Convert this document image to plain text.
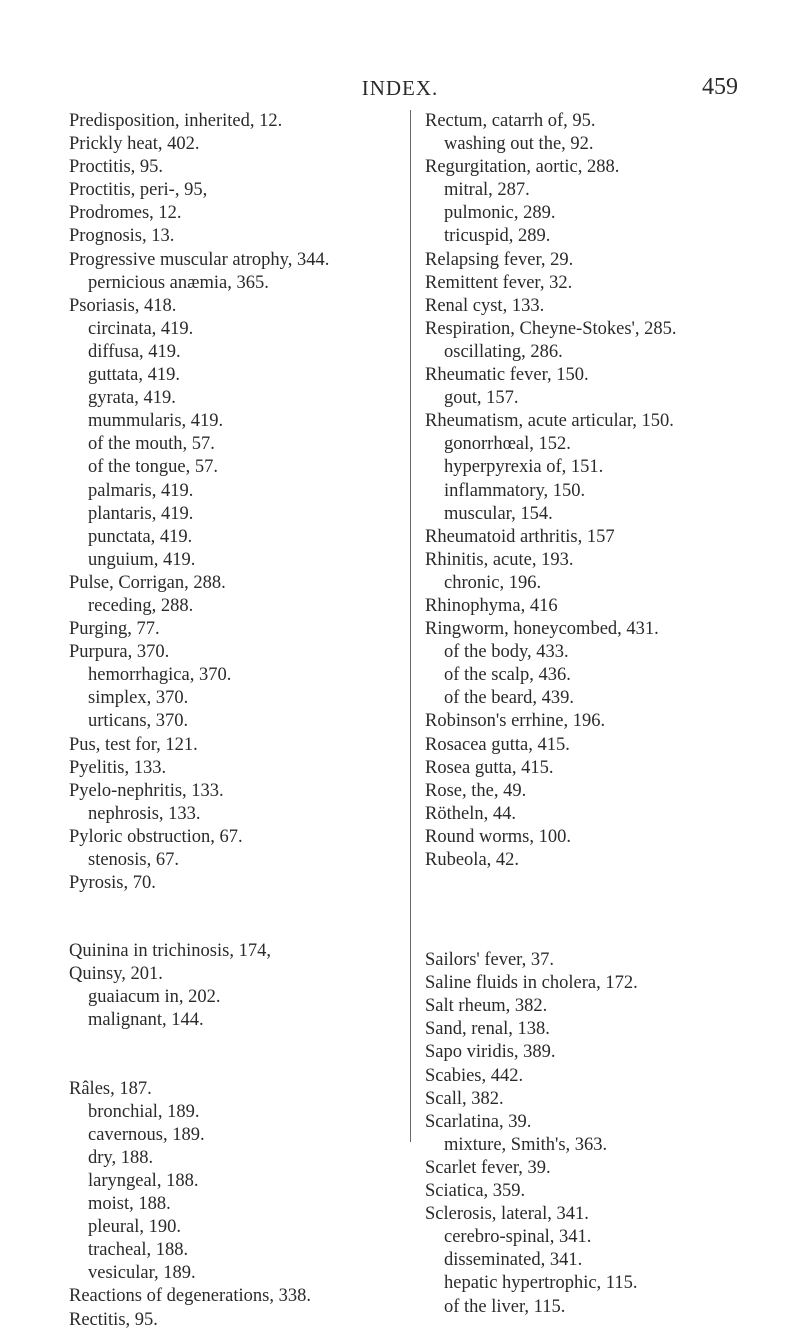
INDEX.	459
Predisposition, inherited, 12.
Prickly heat, 402.
Proctitis, 95.
Proctitis, peri-, 95,
Prodromes, 12.
Prognosis, 13.
Progressive muscular atrophy, 344.
pernicious anæmia, 365.
Psoriasis, 418.
circinata, 419.
diffusa, 419.
guttata, 419.
gyrata, 419.
mummularis, 419.
of the mouth, 57.
of the tongue, 57.
palmaris, 419.
plantaris, 419.
punctata, 419.
unguium, 419.
Pulse, Corrigan, 288.
receding, 288.
Purging, 77.
Purpura, 370.
hemorrhagica, 370.
simplex, 370.
urticans, 370.
Pus, test for, 121.
Pyelitis, 133.
Pyelo-nephritis, 133.
nephrosis, 133.
Pyloric obstruction, 67.
stenosis, 67.
Pyrosis, 70.
Quinina in trichinosis, 174,
Quinsy, 201.
guaiacum in, 202.
malignant, 144.
Râles, 187.
bronchial, 189.
cavernous, 189.
dry, 188.
laryngeal, 188.
moist, 188.
pleural, 190.
tracheal, 188.
vesicular, 189.
Reactions of degenerations, 338.
Rectitis, 95.
Rectum, catarrh of, 95.
washing out the, 92.
Regurgitation, aortic, 288.
mitral, 287.
pulmonic, 289.
tricuspid, 289.
Relapsing fever, 29.
Remittent fever, 32.
Renal cyst, 133.
Respiration, Cheyne-Stokes', 285.
oscillating, 286.
Rheumatic fever, 150.
gout, 157.
Rheumatism, acute articular, 150.
gonorrhœal, 152.
hyperpyrexia of, 151.
inflammatory, 150.
muscular, 154.
Rheumatoid arthritis, 157
Rhinitis, acute, 193.
chronic, 196.
Rhinophyma, 416
Ringworm, honeycombed, 431.
of the body, 433.
of the scalp, 436.
of the beard, 439.
Robinson's errhine, 196.
Rosacea gutta, 415.
Rosea gutta, 415.
Rose, the, 49.
Rötheln, 44.
Round worms, 100.
Rubeola, 42.
Sailors' fever, 37.
Saline fluids in cholera, 172.
Salt rheum, 382.
Sand, renal, 138.
Sapo viridis, 389.
Scabies, 442.
Scall, 382.
Scarlatina, 39.
mixture, Smith's, 363.
Scarlet fever, 39.
Sciatica, 359.
Sclerosis, lateral, 341.
cerebro-spinal, 341.
disseminated, 341.
hepatic hypertrophic, 115.
of the liver, 115.
